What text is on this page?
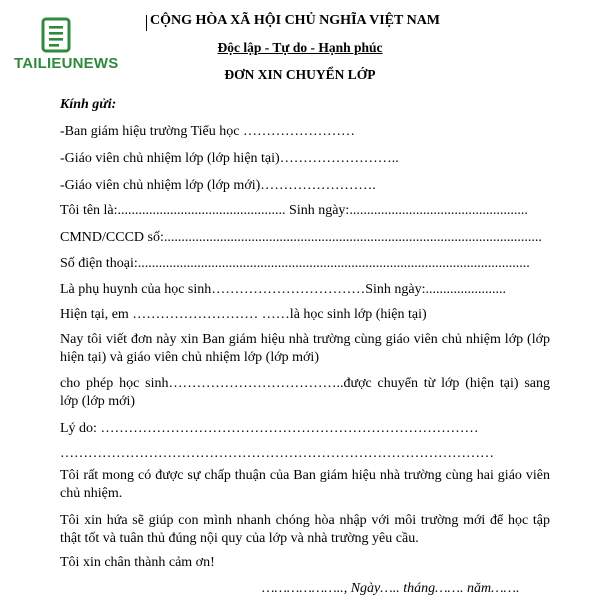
TAILIEUNEWS
CỘNG HÒA XÃ HỘI CHỦ NGHĨA VIỆT NAM
Độc lập - Tự do - Hạnh phúc
ĐƠN XIN CHUYỂN LỚP
Kính gửi:
-Ban giám hiệu trường Tiểu học ……………………
-Giáo viên chủ nhiệm lớp (lớp hiện tại)……………………..
-Giáo viên chủ nhiệm lớp (lớp mới)…………………….
Tôi tên là:................................................ Sinh ngày:...................................................
CMND/CCCD số:............................................................................................................
Số điện thoại:................................................................................................................
Là phụ huynh của học sinh……………………………Sinh ngày:.......................
Hiện tại, em ……………………… ……là học sinh lớp (hiện tại)
Nay tôi viết đơn này xin Ban giám hiệu nhà trường cùng giáo viên chủ nhiệm lớp (lớp hiện tại) và giáo viên chủ nhiệm lớp (lớp mới)
cho phép học sinh………………………………..được chuyển từ lớp (hiện tại) sang lớp (lớp mới)
Lý do: ………………………………………………………………………
…………………………………………………………………………………
Tôi rất mong có được sự chấp thuận của Ban giám hiệu nhà trường cùng hai giáo viên chủ nhiệm.
Tôi xin hứa sẽ giúp con mình nhanh chóng hòa nhập với môi trường mới để học tập thật tốt và tuân thủ đúng nội quy của lớp và nhà trường yêu cầu.
Tôi xin chân thành cảm ơn!
……………….., Ngày….. tháng……. năm…….
